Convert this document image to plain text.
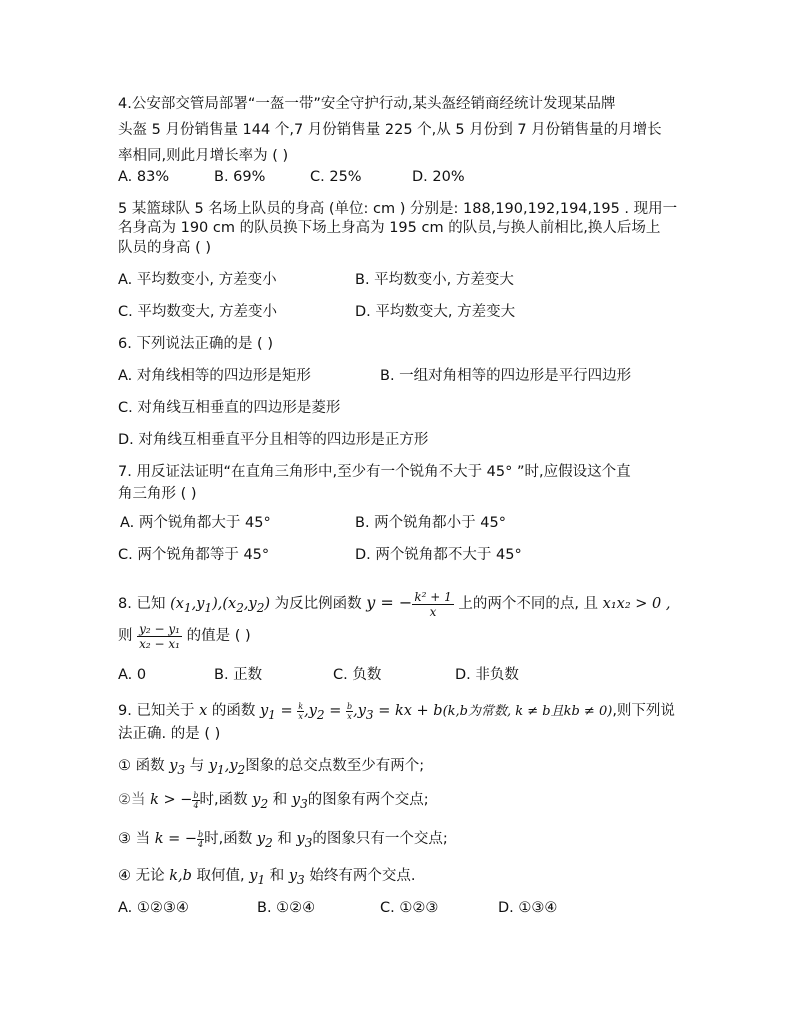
4.公安部交管局部署“一盔一带”安全守护行动,某头盔经销商经统计发现某品牌
头盔 5 月份销售量 144 个,7 月份销售量 225 个,从 5 月份到 7 月份销售量的月增长
率相同,则此月增长率为 ( )
A. 83%	B. 69%	C. 25%	D. 20%
5 某篮球队 5 名场上队员的身高 (单位: cm ) 分别是: 188,190,192,194,195 . 现用一
名身高为 190 cm 的队员换下场上身高为 195 cm 的队员,与换人前相比,换人后场上
队员的身高 ( )
A. 平均数变小, 方差变小	B. 平均数变小, 方差变大
C. 平均数变大, 方差变小	D. 平均数变大, 方差变大
6. 下列说法正确的是 ( )
A. 对角线相等的四边形是矩形	B. 一组对角相等的四边形是平行四边形
C. 对角线互相垂直的四边形是菱形
D. 对角线互相垂直平分且相等的四边形是正方形
7. 用反证法证明“在直角三角形中,至少有一个锐角不大于 45° ”时,应假设这个直
角三角形 ( )
A. 两个锐角都大于 45°	B. 两个锐角都小于 45°
C. 两个锐角都等于 45°	D. 两个锐角都不大于 45°
8. 已知 $(x_1,y_1),(x_2,y_2)$ 为反比例函数 y = − $\frac{\text{k² + 1}}{x}$ 上的两个不同的点, 且 x₁x₂ > 0 ,
则 $\frac{\text{y₂ − y₁}}{\text{x₂ − x₁}}$ 的值是 ( )
A. 0	B. 正数	C. 负数	D. 非负数
9. 已知关于 x 的函数 $y_1 = \frac{k}{x} ,y_2 = \frac{b}{x} ,y_3$ = kx + b(k,b为常数, k ≠ b且kb ≠ 0),则下列说
法正确. 的是 ( )
① 函数 $y_3$ 与 $y_1,y_2$图象的总交点数至少有两个;
②当 k > − $\frac{b}{4}$ 时,函数 $y_2$ 和 $y_3$的图象有两个交点;
③ 当 k = − $\frac{b}{4}$ 时,函数 $y_2$ 和 $y_3$的图象只有一个交点;
④ 无论 k,b 取何值, $y_1$ 和 $y_3$ 始终有两个交点.
A. ①②③④	B. ①②④	C. ①②③	D. ①③④
